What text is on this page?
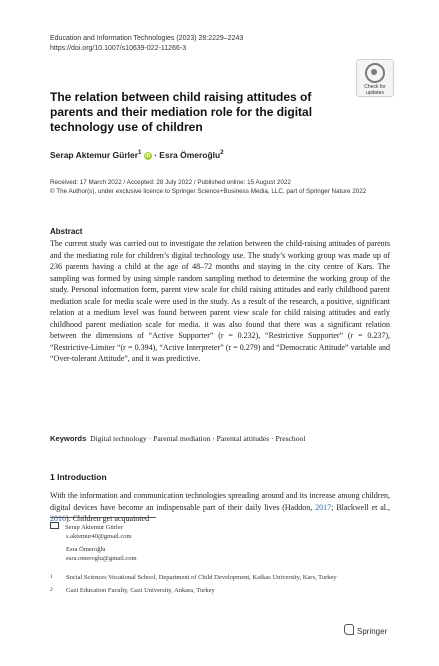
Education and Information Technologies (2023) 28:2229–2243
https://doi.org/10.1007/s10639-022-11266-3
Check for
updates
The relation between child raising attitudes of parents and their mediation role for the digital technology use of children
Serap Aktemur Gürler$^1$ iD · Esra Ömeroğlu$^2$
Received: 17 March 2022 / Accepted: 28 July 2022 / Published online: 15 August 2022
© The Author(s), under exclusive licence to Springer Science+Business Media, LLC, part of Springer Nature 2022
Abstract
The current study was carried out to investigate the relation between the child-raising attitudes of parents and the mediating role for children’s digital technology use. The study’s working group was made up of 236 parents having a child at the age of 48–72 months and staying in the city centre of Kars. The sampling was formed by using simple random sampling method to determine the working group of the study. Personal information form, parent view scale for child raising attitudes and early childhood parent mediation scale for media scale were used in the study. As a result of the research, a positive, significant relation at a medium level was found between parent view scale for child raising attitudes and early childhood parent mediation scale for media. it was also found that there was a significant relation between the dimensions of “Active Supporter” (r = 0.232), “Restrictive Supporter” (r = 0.237), “Restrictive-Limiter “(r = 0.394), “Active Interpreter” (r = 0.279) and “Democratic Attitude” variable and “Over-tolerant Attitude”, and it was predictive.
Keywords Digital technology · Parental mediation · Parental attitudes · Preschool
1 Introduction
With the information and communication technologies spreading around and its increase among children, digital devices have become an indispensable part of their daily lives (Haddon, 2017; Blackwell et al., 2016). Children get acquainted
Serap Aktemur Gürler
s.aktemur40@gmail.com
Esra Ömeroğlu
esra.omeroglu@gmail.com
1 Social Sciences Vocational School, Department of Child Development, Kafkas University, Kars, Turkey
2 Gazi Education Faculty, Gazi University, Ankara, Turkey
Springer
